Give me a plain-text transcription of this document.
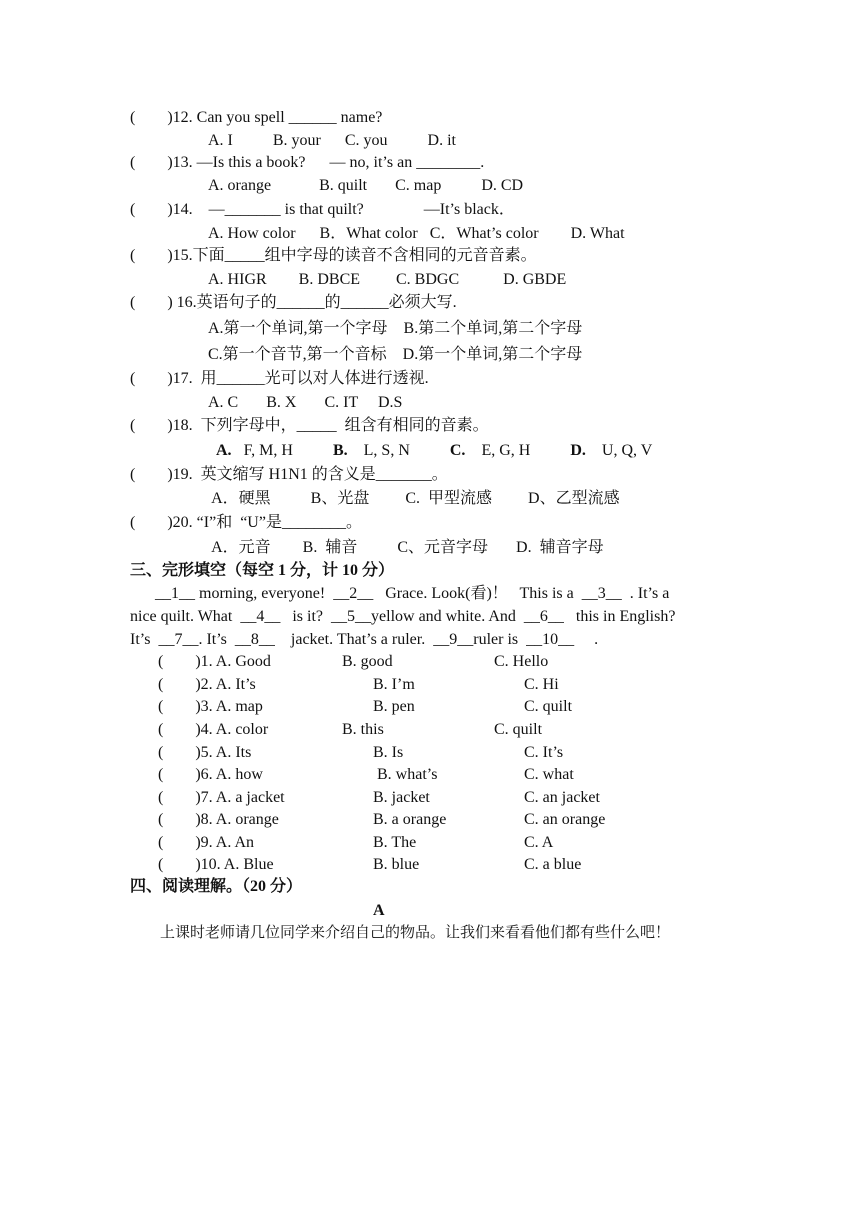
(        )12. Can you spell ______ name?
A. I          B. your      C. you          D. it
(        )13. —Is this a book?      — no, it’s an ________.
A. orange            B. quilt       C. map          D. CD
(        )14.    —_______ is that quilt?               —It’s black．
A. How color      B．What color   C．What’s color        D. What
(        )15.下面_____组中字母的读音不含相同的元音音素。
A. HIGR        B. DBCE         C. BDGC           D. GBDE
(        ) 16.英语句子的______的______必须大写.
A.第一个单词,第一个字母    B.第二个单词,第二个字母
C.第一个音节,第一个音标    D.第一个单词,第二个字母
(        )17.  用______光可以对人体进行透视.
A. C       B. X       C. IT     D.S
(        )18.  下列字母中，_____  组含有相同的音素。
A.   F, M, H          B.    L, S, N          C.    E, G, H          D.    U, Q, V
(        )19.  英文缩写 H1N1 的含义是_______。
A．硬黑          B、光盘         C.  甲型流感         D、乙型流感
(        )20. “I”和  “U”是________。
A．元音        B.  辅音          C、元音字母       D.  辅音字母
三、完形填空（每空 1 分，计 10 分）
__1__ morning, everyone!  __2__   Grace. Look(看)！   This is a  __3__  . It’s a
nice quilt. What  __4__   is it?  __5__yellow and white. And  __6__   this in English?
It’s  __7__. It’s  __8__    jacket. That’s a ruler.  __9__ruler is  __10__     .
(        )1. A. Good	B. good	C. Hello
(        )2. A. It’s	B. I’m	C. Hi
(        )3. A. map	B. pen	C. quilt
(        )4. A. color	B. this	C. quilt
(        )5. A. Its	B. Is	C. It’s
(        )6. A. how	B. what’s	C. what
(        )7. A. a jacket	B. jacket	C. an jacket
(        )8. A. orange	B. a orange	C. an orange
(        )9. A. An	B. The	C. A
(        )10. A. Blue	B. blue	C. a blue
四、阅读理解。（20 分）
A
上课时老师请几位同学来介绍自己的物品。让我们来看看他们都有些什么吧！
